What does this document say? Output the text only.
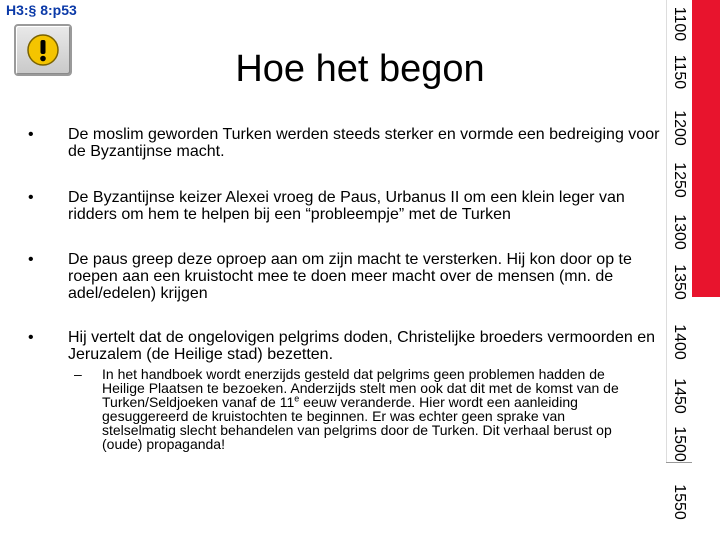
H3:§ 8:p53
Hoe het begon
•	De moslim geworden Turken werden steeds sterker en vormde een bedreiging voor de Byzantijnse macht.
•	De Byzantijnse keizer Alexei vroeg de Paus, Urbanus II om een klein leger van ridders om hem te helpen bij een “probleempje” met de Turken
•	De paus greep deze oproep aan om zijn macht te versterken. Hij kon door op te roepen aan een kruistocht mee te doen meer macht over de mensen (mn. de adel/edelen) krijgen
•	Hij vertelt dat de ongelovigen pelgrims doden, Christelijke broeders vermoorden en Jeruzalem (de Heilige stad) bezetten.
–	In het handboek wordt enerzijds gesteld dat pelgrims geen problemen hadden de Heilige Plaatsen te bezoeken. Anderzijds stelt men ook dat dit met de komst van de Turken/Seldjoeken vanaf de 11e eeuw veranderde. Hier wordt een aanleiding gesuggereerd de kruistochten te beginnen. Er was echter geen sprake van stelselmatig slecht behandelen van pelgrims door de Turken. Dit verhaal berust op (oude) propaganda!
1100
1150
1200
1250
1300
1350
1400
1450
1500
1550
